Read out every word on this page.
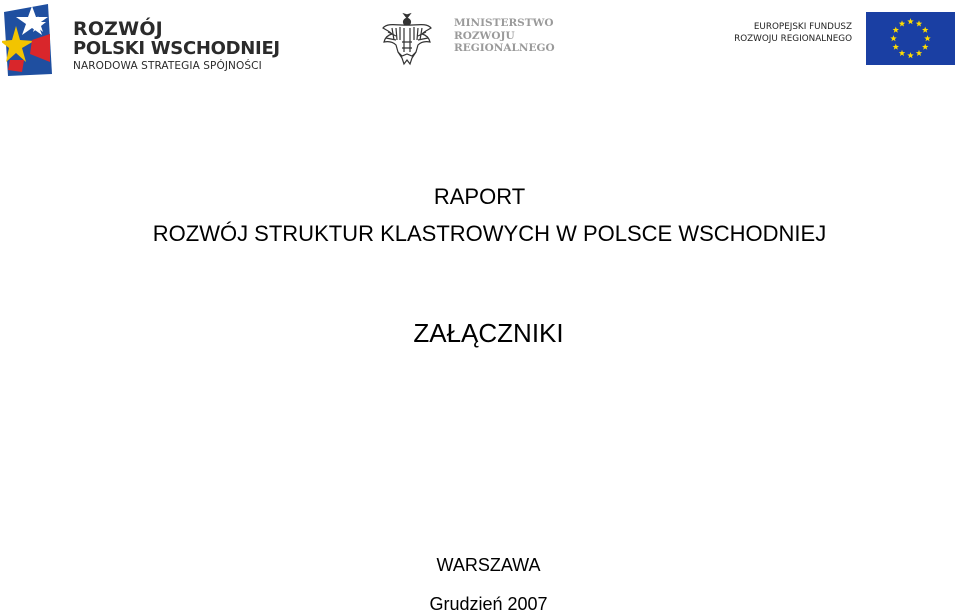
ROZWÓJ
POLSKI WSCHODNIEJ
NARODOWA STRATEGIA SPÓJNOŚCI
MINISTERSTWO
ROZWOJU
REGIONALNEGO
EUROPEJSKI FUNDUSZ
ROZWOJU REGIONALNEGO
RAPORT
ROZWÓJ STRUKTUR KLASTROWYCH W POLSCE WSCHODNIEJ
ZAŁĄCZNIKI
WARSZAWA
Grudzień 2007
